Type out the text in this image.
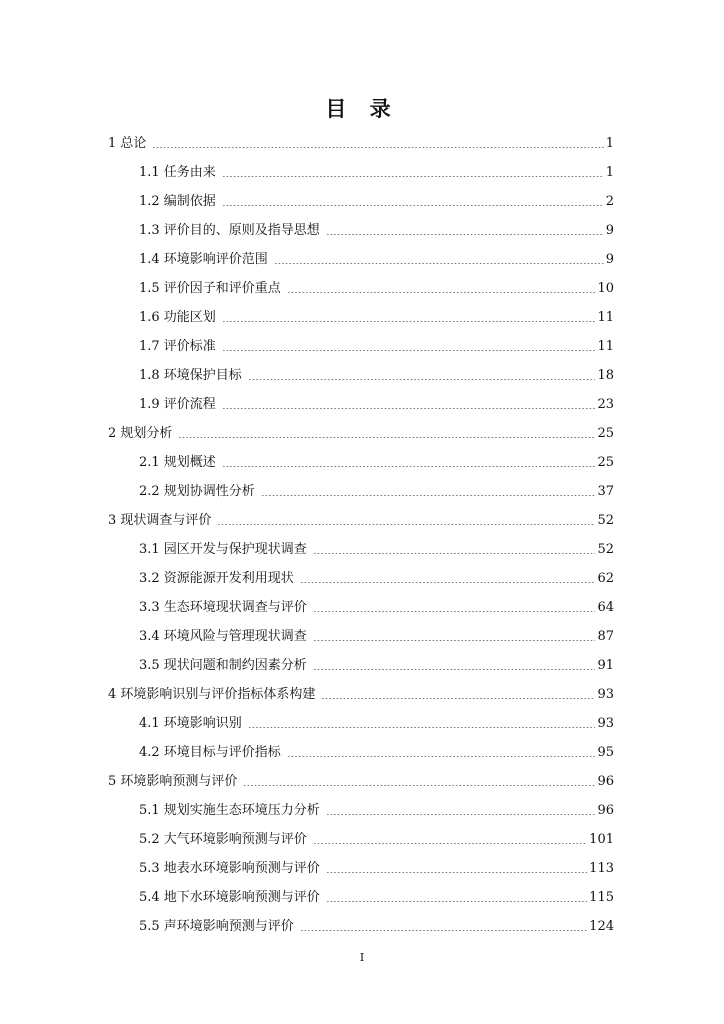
目 录
1 总论	1
1.1 任务由来	1
1.2 编制依据	2
1.3 评价目的、原则及指导思想	9
1.4 环境影响评价范围	9
1.5 评价因子和评价重点	10
1.6 功能区划	11
1.7 评价标准	11
1.8 环境保护目标	18
1.9 评价流程	23
2 规划分析	25
2.1 规划概述	25
2.2 规划协调性分析	37
3 现状调查与评价	52
3.1 园区开发与保护现状调查	52
3.2 资源能源开发利用现状	62
3.3 生态环境现状调查与评价	64
3.4 环境风险与管理现状调查	87
3.5 现状问题和制约因素分析	91
4 环境影响识别与评价指标体系构建	93
4.1 环境影响识别	93
4.2 环境目标与评价指标	95
5 环境影响预测与评价	96
5.1 规划实施生态环境压力分析	96
5.2 大气环境影响预测与评价	101
5.3 地表水环境影响预测与评价	113
5.4 地下水环境影响预测与评价	115
5.5 声环境影响预测与评价	124
I
